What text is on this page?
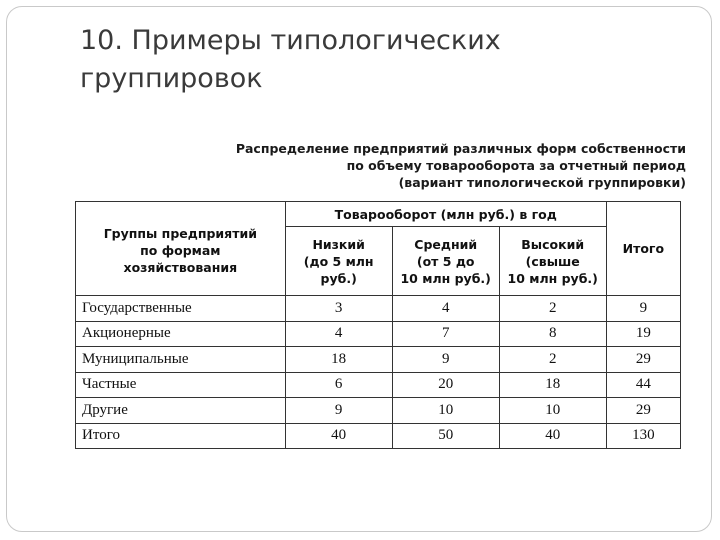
10. Примеры типологических
группировок
Распределение предприятий различных форм собственности
по объему товарооборота за отчетный период
(вариант типологической группировки)
Группы предприятий
по формам
хозяйствования	Товарооборот (млн руб.) в год			Итого

	Низкий
(до 5 млн
руб.)	Средний
(от 5 до
10 млн руб.)	Высокий
(свыше
10 млн руб.)	

Государственные	3	4	2	9
Акционерные	4	7	8	19
Муниципальные	18	9	2	29
Частные	6	20	18	44
Другие	9	10	10	29
Итого	40	50	40	130
